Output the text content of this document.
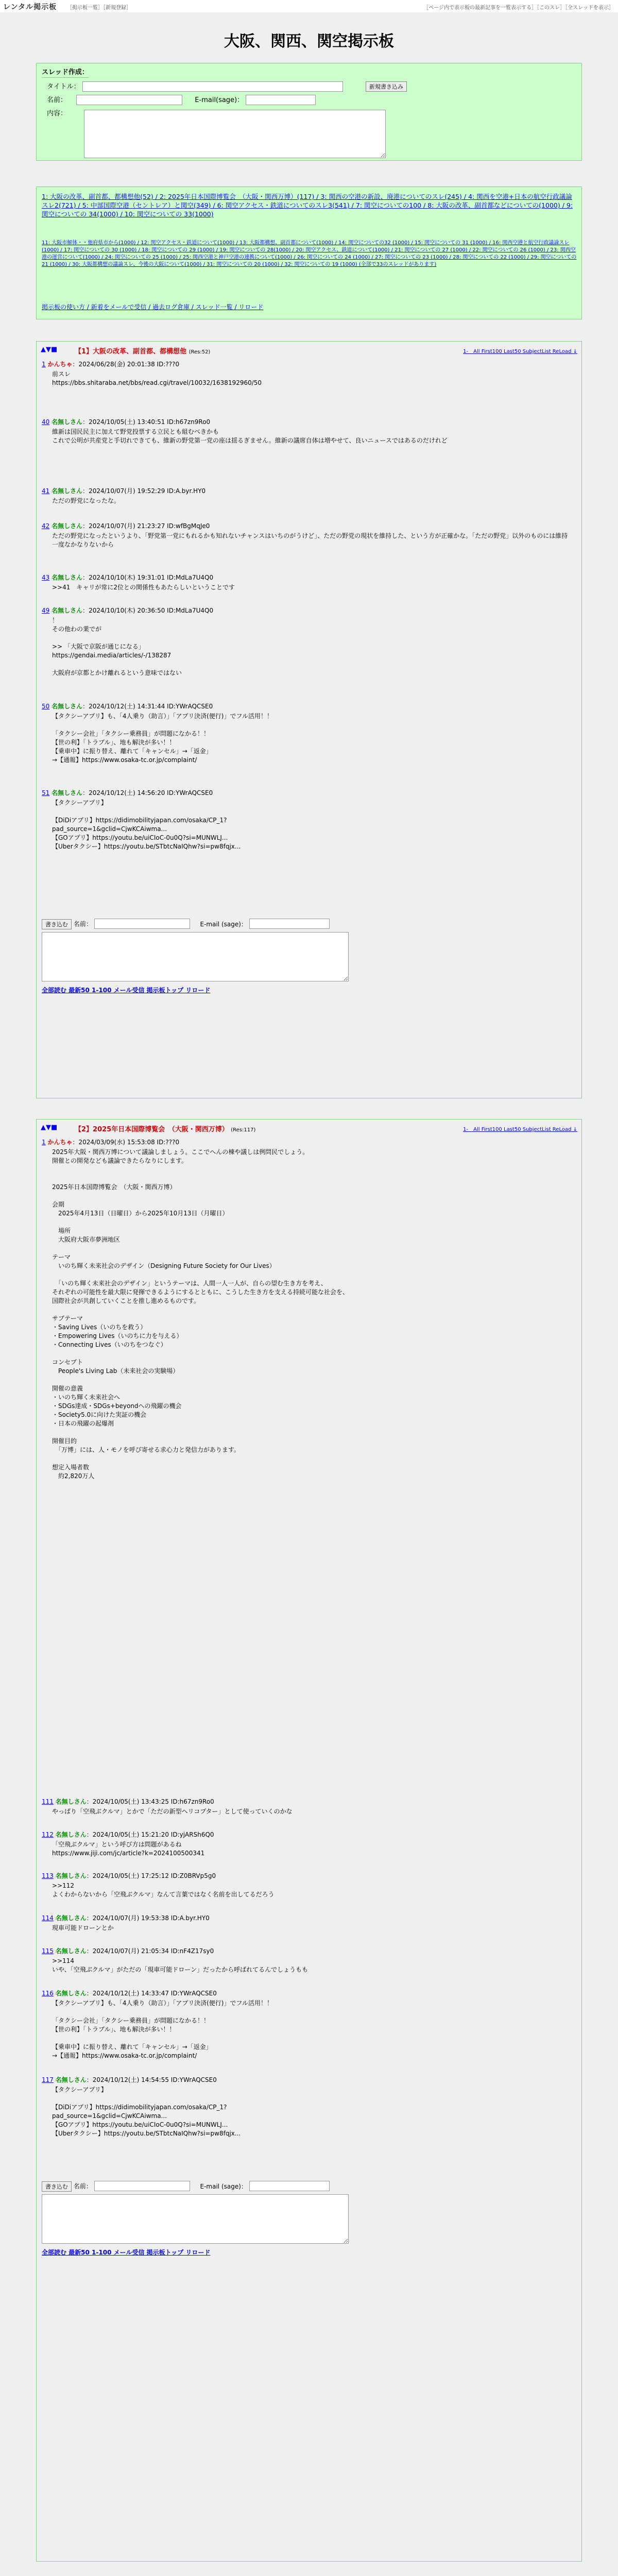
レンタル掲示板 ［掲示板一覧］［新規登録］	［ページ内で表示板の最新記事を一覧表示する］［このスレ］［全スレッドを表示］
大阪、関西、関空掲示板
スレッド作成：
タイトル：	新規書き込み
名前：	E-mail(sage)：
内容：
1: 大阪の改革、副首都、都構想他(52) / 2: 2025年日本国際博覧会　（大阪・関西万博）(117) / 3: 関西の空港の新設、廃港についてのスレ(245) / 4: 関西を空港+日本の航空行政議論スレ2(721) / 5: 中部国際空港（セントレア）と関空(349) / 6: 関空アクセス・鉄道についてのスレ3(541) / 7: 関空についての100 / 8: 大阪の改革、副首都などについての(1000) / 9: 関空についての 34(1000) / 10: 関空についての 33(1000)
11: 大阪市解体・・他府県市から(1000) / 12: 関空アクセス・鉄道について(1000) / 13: 大阪都構想、副首都について(1000) / 14: 関空についての32 (1000) / 15: 関空についての 31 (1000) / 16: 関西空港と航空行政議論スレ(1000) / 17: 関空についての 30 (1000) / 18: 関空についての 29 (1000) / 19: 関空についての 28(1000) / 20: 関空アクセス、鉄道について(1000) / 21: 関空についての 27 (1000) / 22: 関空についての 26 (1000) / 23: 関西空港の運営について(1000) / 24: 関空についての 25 (1000) / 25: 関西空港と神戸空港の連携について(1000) / 26: 関空についての 24 (1000) / 27: 関空についての 23 (1000) / 28: 関空についての 22 (1000) / 29: 関空についての 21 (1000) / 30: 大阪都構想の議論スレ、今後の大阪について(1000) / 31: 関空についての 20 (1000) / 32: 関空についての 19 (1000) (全部で33のスレッドがあります)
掲示板の使い方 / 新着をメールで受信 / 過去ログ倉庫 / スレッド一覧 / リロード
▲▼■	【1】大阪の改革、副首都、都構想他 (Res:52)	1-　All First100 Last50 SubjectList ReLoad ↓
1 かんちゃ：2024/06/28(金) 20:01:38 ID:???0
前スレ
https://bbs.shitaraba.net/bbs/read.cgi/travel/10032/1638192960/50
40 名無しさん：2024/10/05(土) 13:40:51 ID:h67zn9Ro0
維新は国民民主に加えて野党投票する立民とも組むべきかも
これで公明が共産党と手切れできても、維新の野党第一党の座は揺るぎません。維新の議席自体は増やせて、良いニュースではあるのだけれど
41 名無しさん：2024/10/07(月) 19:52:29 ID:A.byr.HY0
ただの野党になったな。
42 名無しさん：2024/10/07(月) 21:23:27 ID:wfBgMqJe0
ただの野党になったというより、「野党第一党にもれるかも知れないチャンスはいちのがうけど」、ただの野党の現状を維持した、という方が正確かな。「ただの野党」以外のものには維持一度なかなりないから
43 名無しさん：2024/10/10(木) 19:31:01 ID:MdLa7U4Q0
>>41　キャリが常に2位との関係性もあたらしいということです
49 名無しさん：2024/10/10(木) 20:36:50 ID:MdLa7U4Q0
！
その他わの業でが

>> 「大阪で京阪が通じになる」
https://gendai.media/articles/-/138287

大阪府が京都とかけ離れるという意味ではない
50 名無しさん：2024/10/12(土) 14:31:44 ID:YWrAQCSE0
【タクシーアプリ】も、「4人乗り（助言）」「アプリ決済(便行)」でフル活用！！

「タクシー会社」「タクシー乗務員」が問題になかる！！
【世の利】「トラブル」、地も解決が多い！！
【乗車中】に振り替え、離れて「キャンセル」→「返金」
→【通報】https://www.osaka-tc.or.jp/complaint/
51 名無しさん：2024/10/12(土) 14:56:20 ID:YWrAQCSE0
【タクシーアプリ】

【DiDiアプリ】https://didimobilityjapan.com/osaka/CP_1?
pad_source=1&gclid=CjwKCAiwma...
【GOアプリ】https://youtu.be/uiCIoC-0u0Q?si=MUNWLJ...
【Uberタクシー】https://youtu.be/STbtcNaIQhw?si=pw8fqjx...
書き込む 名前：	E-mail (sage)：
全部読む 最新50 1-100 メール受信 掲示板トップ リロード
▲▼■	【2】2025年日本国際博覧会　（大阪・関西万博） (Res:117)	1-　All First100 Last50 SubjectList ReLoad ↓
1 かんちゃ：2024/03/09(水) 15:53:08 ID:???0
2025年大阪・関西万博について議論しましょう。ここでへんの棟や議しは例問民でしょう。
開催との開発なども議論できたらなりにします。

2025年日本国際博覧会　（大阪・関西万博）

会期
　2025年4月13日（日曜日）から2025年10月13日（月曜日）

　場所
　大阪府大阪市夢洲地区

テーマ
　いのち輝く未来社会のデザイン（Designing Future Society for Our Lives）

　「いのち輝く未来社会のデザイン」というテーマは、人間一人一人が、自らの望む生き方を考え、
それぞれの可能性を最大限に発揮できるようにするとともに、こうした生き方を支える持続可能な社会を、
国際社会が共創していくことを推し進めるものです。

サブテーマ
・Saving Lives（いのちを救う）
・Empowering Lives（いのちに力を与える）
・Connecting Lives（いのちをつなぐ）

コンセプト
　People's Living Lab（未来社会の実験場）

開催の意義
・いのち輝く未来社会へ
・SDGs達成・SDGs+beyondへの飛躍の機会
・Society5.0に向けた実証の機会
・日本の飛躍の起爆剤

開催目的
　「万博」には、人・モノを呼び寄せる求心力と発信力があります。

想定入場者数
　約2,820万人
111 名無しさん：2024/10/05(土) 13:43:25 ID:h67zn9Ro0
やっぱり「空飛ぶクルマ」とかで「ただの新型ヘリコプター」として使っていくのかな
112 名無しさん：2024/10/05(土) 15:21:20 ID:yjARSh6Q0
「空飛ぶクルマ」という呼び方は問題があるね
https://www.jiji.com/jc/article?k=2024100500341
113 名無しさん：2024/10/05(土) 17:25:12 ID:Z0BRVp5g0
>>112
よくわからないから「空飛ぶクルマ」なんて言葉ではなく名前を出してるだろう
114 名無しさん：2024/10/07(月) 19:53:38 ID:A.byr.HY0
現車可能ドローンとか
115 名無しさん：2024/10/07(月) 21:05:34 ID:nF4Z17sy0
>>114
いや、「空飛ぶクルマ」がただの「現車可能ドローン」だったから呼ばれてるんでしょうもも
116 名無しさん：2024/10/12(土) 14:33:47 ID:YWrAQCSE0
【タクシーアプリ】も、「4人乗り（助言）」「アプリ決済(便行)」でフル活用！！

「タクシー会社」「タクシー乗務員」が問題になかる！！
【世の利】「トラブル」、地も解決が多い！！

【乗車中】に振り替え、離れて「キャンセル」→「返金」
→【通報】https://www.osaka-tc.or.jp/complaint/
117 名無しさん：2024/10/12(土) 14:54:55 ID:YWrAQCSE0
【タクシーアプリ】

【DiDiアプリ】https://didimobilityjapan.com/osaka/CP_1?
pad_source=1&gclid=CjwKCAiwma...
【GOアプリ】https://youtu.be/uiCIoC-0u0Q?si=MUNWLJ...
【Uberタクシー】https://youtu.be/STbtcNaIQhw?si=pw8fqjx...
書き込む 名前：	E-mail (sage)：
全部読む 最新50 1-100 メール受信 掲示板トップ リロード
